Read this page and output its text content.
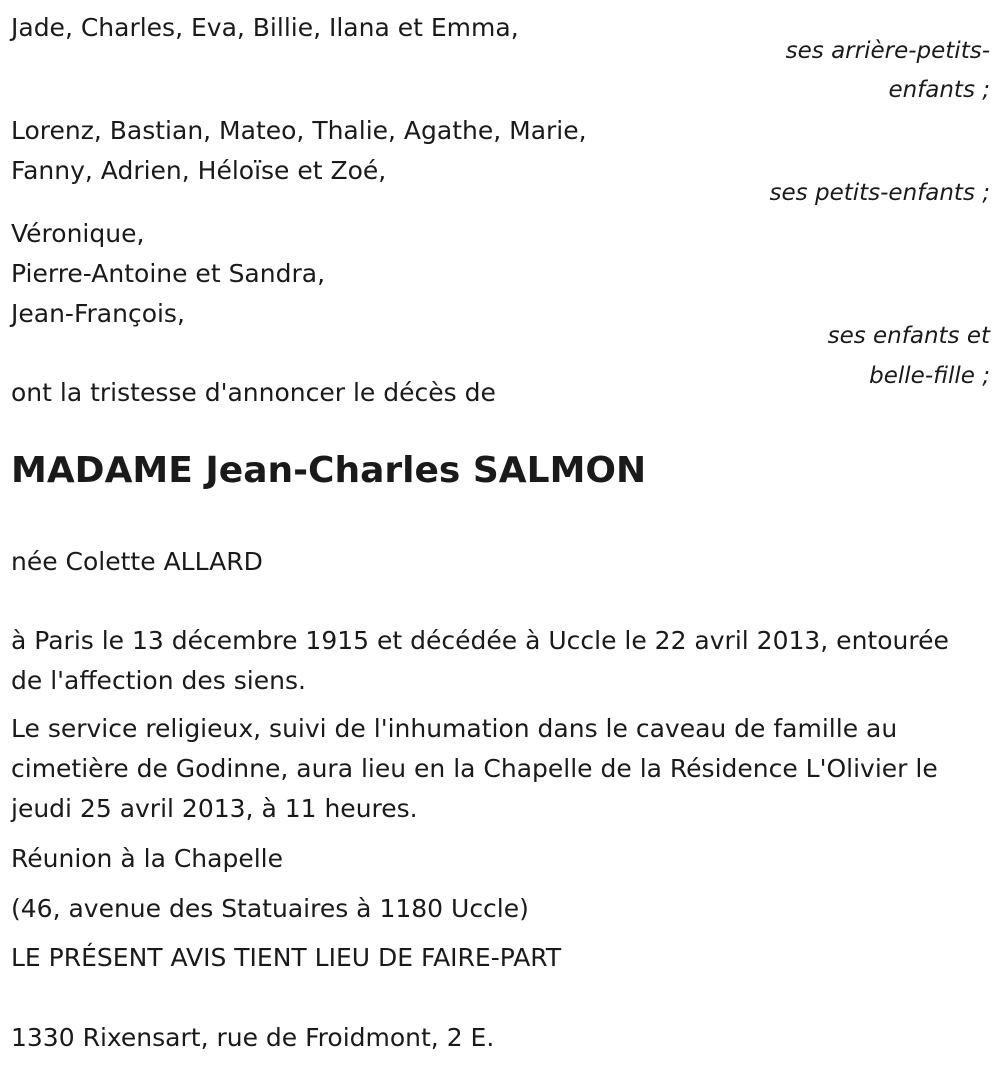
Jade, Charles, Eva, Billie, Ilana et Emma,
ses arrière-petits-
enfants ;
Lorenz, Bastian, Mateo, Thalie, Agathe, Marie,
Fanny, Adrien, Héloïse et Zoé,
ses petits-enfants ;
Véronique,
Pierre-Antoine et Sandra,
Jean-François,
ses enfants et
belle-fille ;
ont la tristesse d'annoncer le décès de
MADAME Jean-Charles SALMON
née Colette ALLARD
à Paris le 13 décembre 1915 et décédée à Uccle le 22 avril 2013, entourée
de l'affection des siens.
Le service religieux, suivi de l'inhumation dans le caveau de famille au
cimetière de Godinne, aura lieu en la Chapelle de la Résidence L'Olivier le
jeudi 25 avril 2013, à 11 heures.
Réunion à la Chapelle
(46, avenue des Statuaires à 1180 Uccle)
LE PRÉSENT AVIS TIENT LIEU DE FAIRE-PART
1330 Rixensart, rue de Froidmont, 2 E.
